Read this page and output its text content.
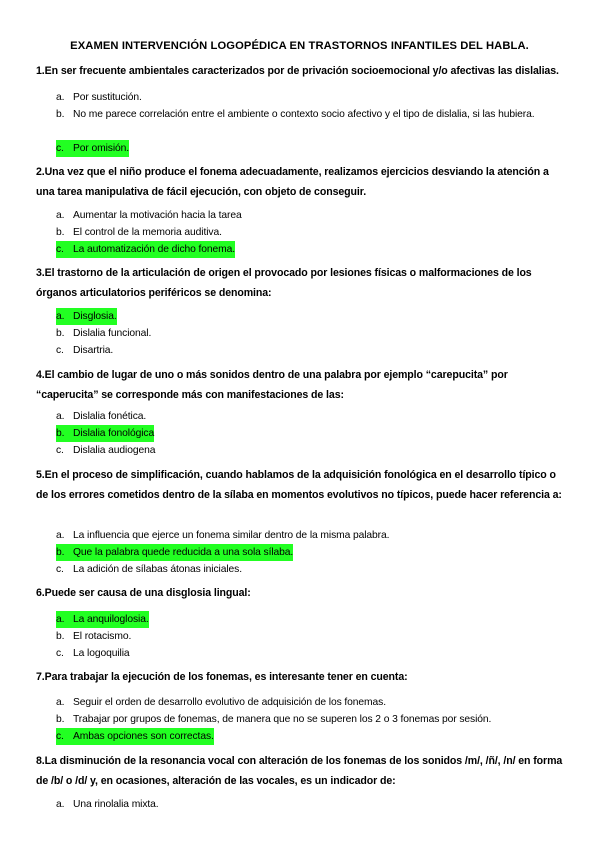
EXAMEN INTERVENCIÓN LOGOPÉDICA EN TRASTORNOS INFANTILES DEL HABLA.
1.En ser frecuente ambientales caracterizados por de privación socioemocional y/o afectivas las dislalias.
a. Por sustitución.
b. No me parece correlación entre el ambiente o contexto socio afectivo y el tipo de dislalia, si las hubiera.
c. Por omisión.
2.Una vez que el niño produce el fonema adecuadamente, realizamos ejercicios desviando la atención a una tarea manipulativa de fácil ejecución, con objeto de conseguir.
a. Aumentar la motivación hacia la tarea
b. El control de la memoria auditiva.
c. La automatización de dicho fonema.
3.El trastorno de la articulación de origen el provocado por lesiones físicas o malformaciones de los órganos articulatorios periféricos se denomina:
a. Disglosia.
b. Dislalia funcional.
c. Disartria.
4.El cambio de lugar de uno o más sonidos dentro de una palabra por ejemplo “carepucita” por “caperucita” se corresponde más con manifestaciones de las:
a. Dislalia fonética.
b. Dislalia fonológica
c. Dislalia audiogena
5.En el proceso de simplificación, cuando hablamos de la adquisición fonológica en el desarrollo típico o de los errores cometidos dentro de la sílaba en momentos evolutivos no típicos, puede hacer referencia a:
a. La influencia que ejerce un fonema similar dentro de la misma palabra.
b. Que la palabra quede reducida a una sola sílaba.
c. La adición de sílabas átonas iniciales.
6.Puede ser causa de una disglosia lingual:
a. La anquiloglosia.
b. El rotacismo.
c. La logoquilia
7.Para trabajar la ejecución de los fonemas, es interesante tener en cuenta:
a. Seguir el orden de desarrollo evolutivo de adquisición de los fonemas.
b. Trabajar por grupos de fonemas, de manera que no se superen los 2 o 3 fonemas por sesión.
c. Ambas opciones son correctas.
8.La disminución de la resonancia vocal con alteración de los fonemas de los sonidos /m/, /ñ/, /n/ en forma de /b/ o /d/ y, en ocasiones, alteración de las vocales, es un indicador de:
a. Una rinolalia mixta.
